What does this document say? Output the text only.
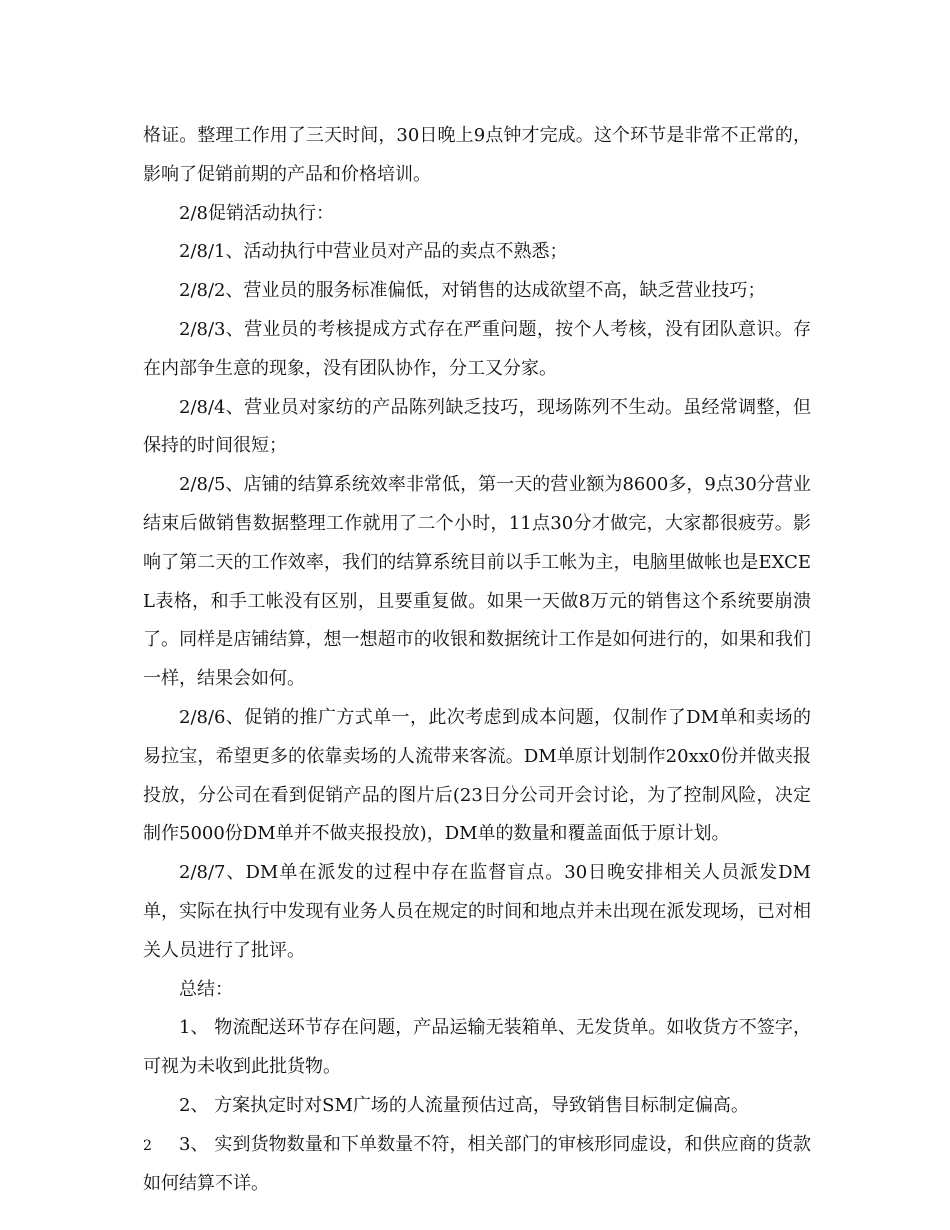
格证。整理工作用了三天时间，30日晚上9点钟才完成。这个环节是非常不正常的，影响了促销前期的产品和价格培训。

2/8促销活动执行：

2/8/1、活动执行中营业员对产品的卖点不熟悉；

2/8/2、营业员的服务标准偏低，对销售的达成欲望不高，缺乏营业技巧；

2/8/3、营业员的考核提成方式存在严重问题，按个人考核，没有团队意识。存在内部争生意的现象，没有团队协作，分工又分家。

2/8/4、营业员对家纺的产品陈列缺乏技巧，现场陈列不生动。虽经常调整，但保持的时间很短；

2/8/5、店铺的结算系统效率非常低，第一天的营业额为8600多，9点30分营业结束后做销售数据整理工作就用了二个小时，11点30分才做完，大家都很疲劳。影响了第二天的工作效率，我们的结算系统目前以手工帐为主，电脑里做帐也是EXCEL表格，和手工帐没有区别，且要重复做。如果一天做8万元的销售这个系统要崩溃了。同样是店铺结算，想一想超市的收银和数据统计工作是如何进行的，如果和我们一样，结果会如何。

2/8/6、促销的推广方式单一，此次考虑到成本问题，仅制作了DM单和卖场的易拉宝，希望更多的依靠卖场的人流带来客流。DM单原计划制作20xx0份并做夹报投放，分公司在看到促销产品的图片后(23日分公司开会讨论，为了控制风险，决定制作5000份DM单并不做夹报投放)，DM单的数量和覆盖面低于原计划。

2/8/7、DM单在派发的过程中存在监督盲点。30日晚安排相关人员派发DM单，实际在执行中发现有业务人员在规定的时间和地点并未出现在派发现场，已对相关人员进行了批评。

总结：

1、 物流配送环节存在问题，产品运输无装箱单、无发货单。如收货方不签字，可视为未收到此批货物。

2、 方案执定时对SM广场的人流量预估过高，导致销售目标制定偏高。

3、 实到货物数量和下单数量不符，相关部门的审核形同虚设，和供应商的货款如何结算不详。

2
